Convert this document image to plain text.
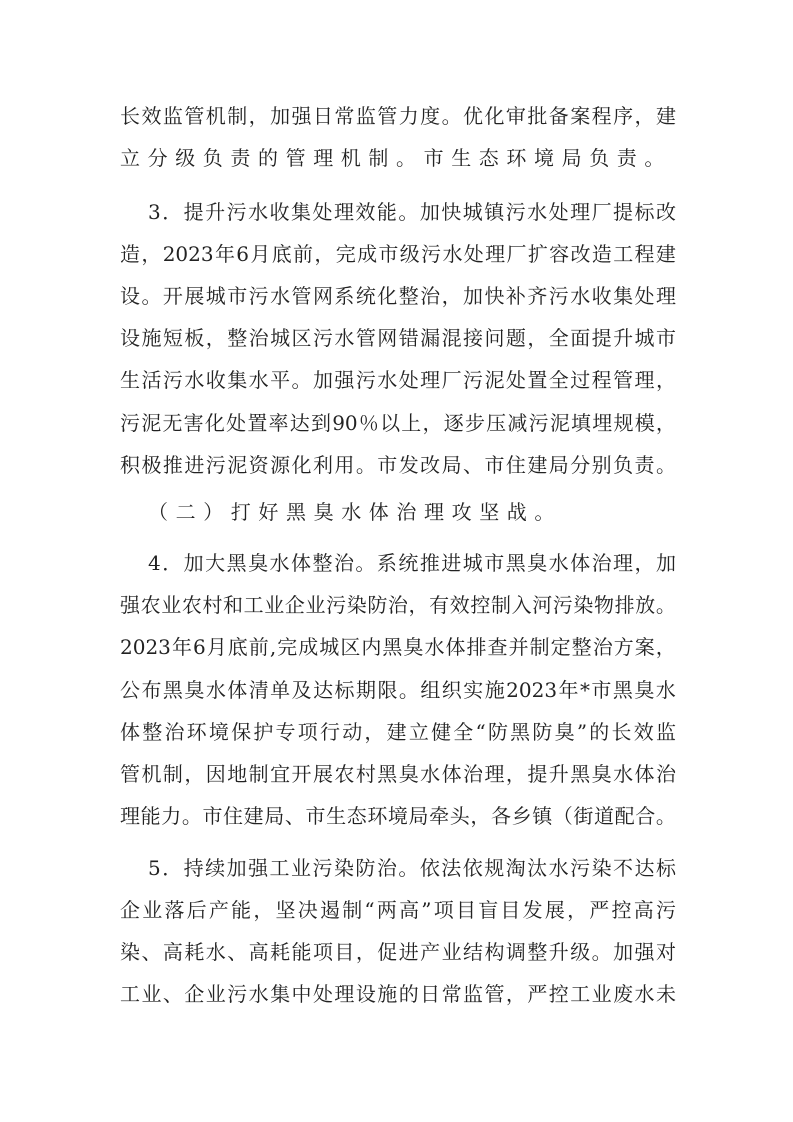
长 效 监 管 机 制 ， 加 强 日 常 监 管 力 度 。 优 化 审 批 备 案 程 序 ， 建
立分级负责的管理机制。市生态环境局负责。
3 ． 提 升 污 水 收 集 处 理 效 能 。 加 快 城 镇 污 水 处 理 厂 提 标 改
造 ， 2023 年 6 月 底 前 ， 完 成 市 级 污 水 处 理 厂 扩 容 改 造 工 程 建
设 。 开 展 城 市 污 水 管 网 系 统 化 整 治 ， 加 快 补 齐 污 水 收 集 处 理
设 施 短 板 ， 整 治 城 区 污 水 管 网 错 漏 混 接 问 题 ， 全 面 提 升 城 市
生 活 污 水 收 集 水 平 。 加 强 污 水 处 理 厂 污 泥 处 置 全 过 程 管 理 ，
污 泥 无 害 化 处 置 率 达 到 90 ％ 以 上 ， 逐 步 压 减 污 泥 填 埋 规 模 ，
积 极 推 进 污 泥 资 源 化 利 用 。 市 发 改 局 、 市 住 建 局 分 别 负 责 。
（二）打好黑臭水体治理攻坚战。
4 ． 加 大 黑 臭 水 体 整 治 。 系 统 推 进 城 市 黑 臭 水 体 治 理 ， 加
强 农 业 农 村 和 工 业 企 业 污 染 防 治 ， 有 效 控 制 入 河 污 染 物 排 放 。
2023 年 6 月 底 前 , 完 成 城 区 内 黑 臭 水 体 排 查 并 制 定 整 治 方 案 ，
公 布 黑 臭 水 体 清 单 及 达 标 期 限 。 组 织 实 施 2023 年 * 市 黑 臭 水
体 整 治 环 境 保 护 专 项 行 动 ， 建 立 健 全 “ 防 黑 防 臭 ” 的 长 效 监
管 机 制 ， 因 地 制 宜 开 展 农 村 黑 臭 水 体 治 理 ， 提 升 黑 臭 水 体 治
理 能 力 。 市 住 建 局 、 市 生 态 环 境 局 牵 头 ， 各 乡 镇 （ 街 道 配 合 。
5 ． 持 续 加 强 工 业 污 染 防 治 。 依 法 依 规 淘 汰 水 污 染 不 达 标
企 业 落 后 产 能 ， 坚 决 遏 制 “ 两 高 ” 项 目 盲 目 发 展 ， 严 控 高 污
染 、 高 耗 水 、 高 耗 能 项 目 ， 促 进 产 业 结 构 调 整 升 级 。 加 强 对
工 业 、 企 业 污 水 集 中 处 理 设 施 的 日 常 监 管 ， 严 控 工 业 废 水 未
